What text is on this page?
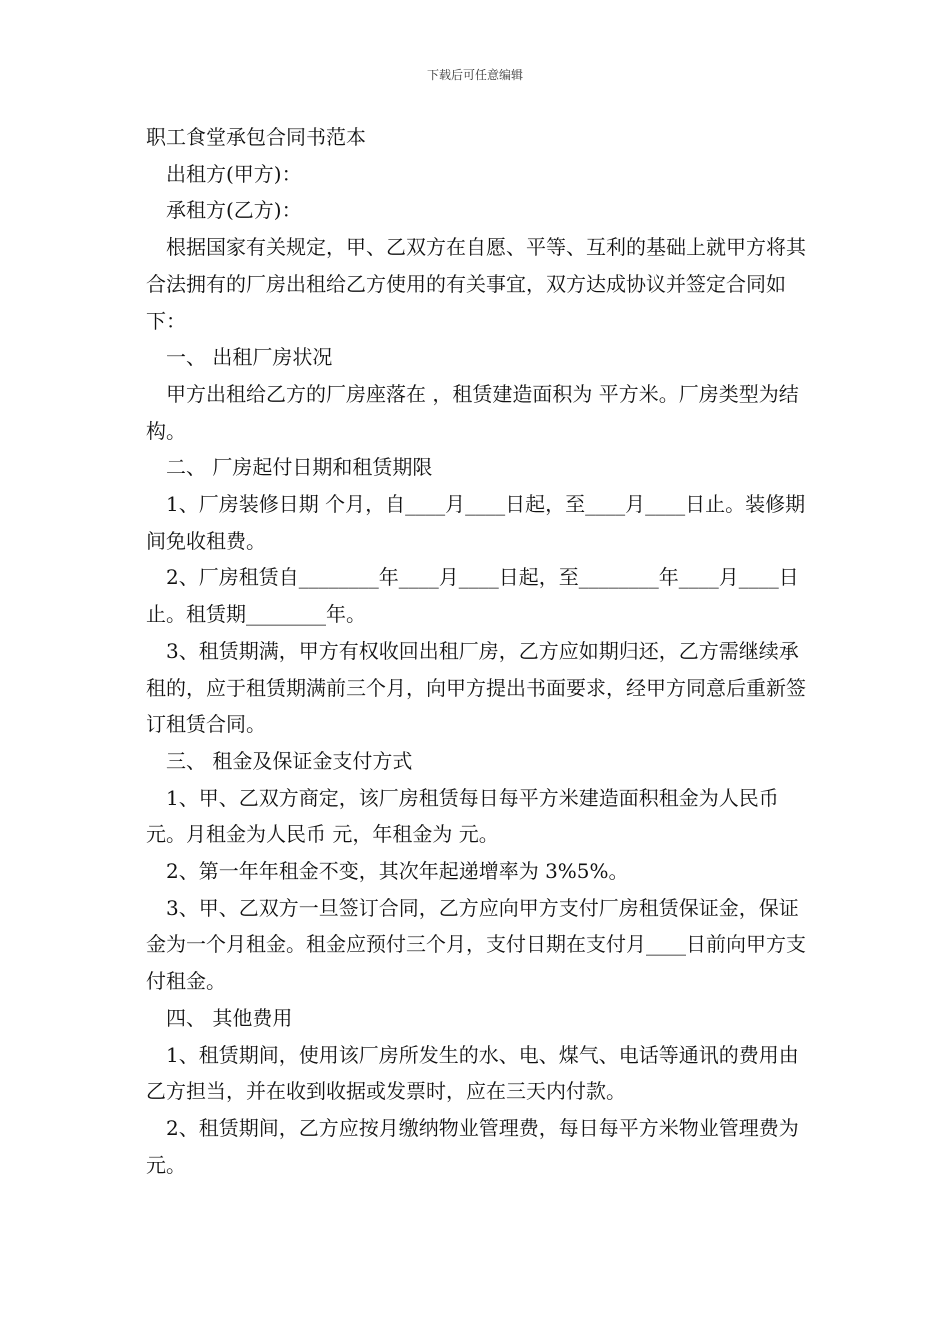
下载后可任意编辑

职工食堂承包合同书范本

出租方(甲方)：

承租方(乙方)：

根据国家有关规定，甲、乙双方在自愿、平等、互利的基础上就甲方将其合法拥有的厂房出租给乙方使用的有关事宜，双方达成协议并签定合同如下：

一、 出租厂房状况

甲方出租给乙方的厂房座落在 ，租赁建造面积为 平方米。厂房类型为结构。

二、 厂房起付日期和租赁期限

1、厂房装修日期 个月，自____月____日起，至____月____日止。装修期间免收租费。

2、厂房租赁自________年____月____日起，至________年____月____日止。租赁期________年。

3、租赁期满，甲方有权收回出租厂房，乙方应如期归还，乙方需继续承租的，应于租赁期满前三个月，向甲方提出书面要求，经甲方同意后重新签订租赁合同。

三、 租金及保证金支付方式

1、甲、乙双方商定，该厂房租赁每日每平方米建造面积租金为人民币 元。月租金为人民币 元，年租金为 元。

2、第一年年租金不变，其次年起递增率为 3%5%。

3、甲、乙双方一旦签订合同，乙方应向甲方支付厂房租赁保证金，保证金为一个月租金。租金应预付三个月，支付日期在支付月____日前向甲方支付租金。

四、 其他费用

1、租赁期间，使用该厂房所发生的水、电、煤气、电话等通讯的费用由乙方担当，并在收到收据或发票时，应在三天内付款。

2、租赁期间，乙方应按月缴纳物业管理费，每日每平方米物业管理费为 元。
